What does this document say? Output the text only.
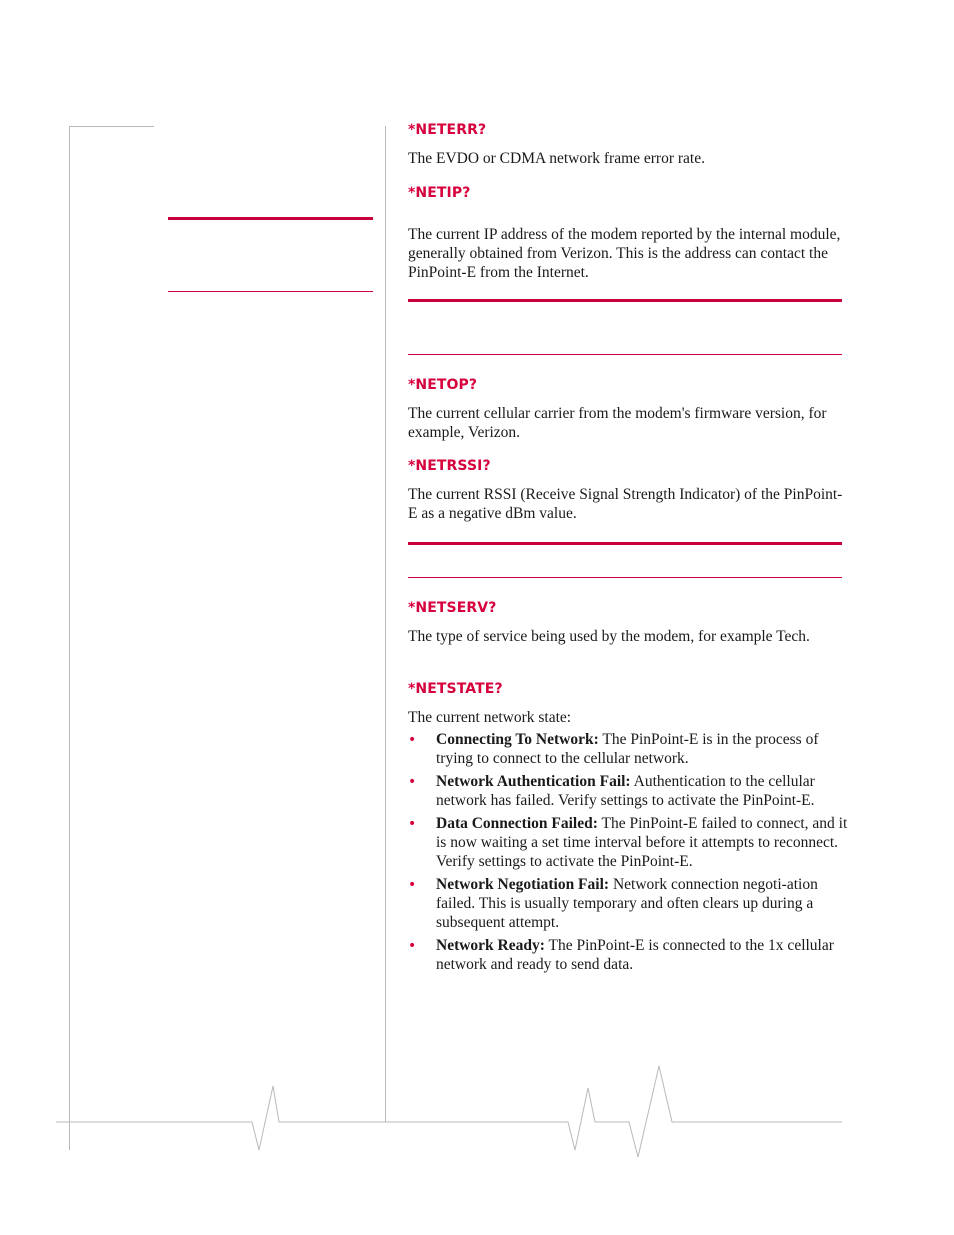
*NETERR?

The EVDO or CDMA network frame error rate.

*NETIP?

The current IP address of the modem reported by the internal module, generally obtained from Verizon. This is the address can contact the PinPoint-E from the Internet.

*NETOP?

The current cellular carrier from the modem's firmware version, for example, Verizon.

*NETRSSI?

The current RSSI (Receive Signal Strength Indicator) of the PinPoint-E as a negative dBm value.

*NETSERV?

The type of service being used by the modem, for example Tech.

*NETSTATE?

The current network state:

• Connecting To Network: The PinPoint-E is in the process of trying to connect to the cellular network.
• Network Authentication Fail: Authentication to the cellular network has failed. Verify settings to activate the PinPoint-E.
• Data Connection Failed: The PinPoint-E failed to connect, and it is now waiting a set time interval before it attempts to reconnect. Verify settings to activate the PinPoint-E.
• Network Negotiation Fail: Network connection negoti-ation failed. This is usually temporary and often clears up during a subsequent attempt.
• Network Ready: The PinPoint-E is connected to the 1x cellular network and ready to send data.
